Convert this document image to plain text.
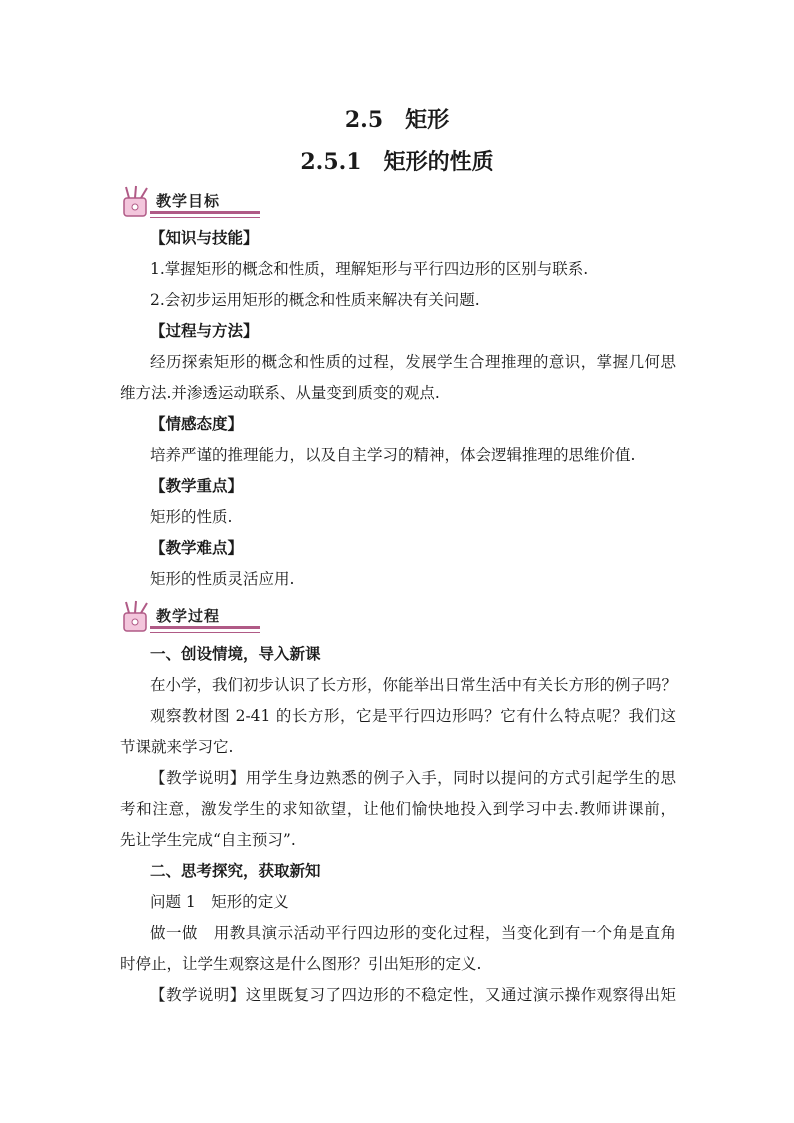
2.5　矩形
2.5.1　矩形的性质
教学目标
【知识与技能】
1.掌握矩形的概念和性质，理解矩形与平行四边形的区别与联系.
2.会初步运用矩形的概念和性质来解决有关问题.
【过程与方法】
经历探索矩形的概念和性质的过程，发展学生合理推理的意识，掌握几何思
维方法.并渗透运动联系、从量变到质变的观点.
【情感态度】
培养严谨的推理能力，以及自主学习的精神，体会逻辑推理的思维价值.
【教学重点】
矩形的性质.
【教学难点】
矩形的性质灵活应用.
教学过程
一、创设情境，导入新课
在小学，我们初步认识了长方形，你能举出日常生活中有关长方形的例子吗？
观察教材图 2-41 的长方形，它是平行四边形吗？它有什么特点呢？我们这
节课就来学习它.
【教学说明】用学生身边熟悉的例子入手，同时以提问的方式引起学生的思
考和注意，激发学生的求知欲望，让他们愉快地投入到学习中去.教师讲课前，
先让学生完成“自主预习”.
二、思考探究，获取新知
问题 1　矩形的定义
做一做　用教具演示活动平行四边形的变化过程，当变化到有一个角是直角
时停止，让学生观察这是什么图形？引出矩形的定义.
【教学说明】这里既复习了四边形的不稳定性，又通过演示操作观察得出矩
